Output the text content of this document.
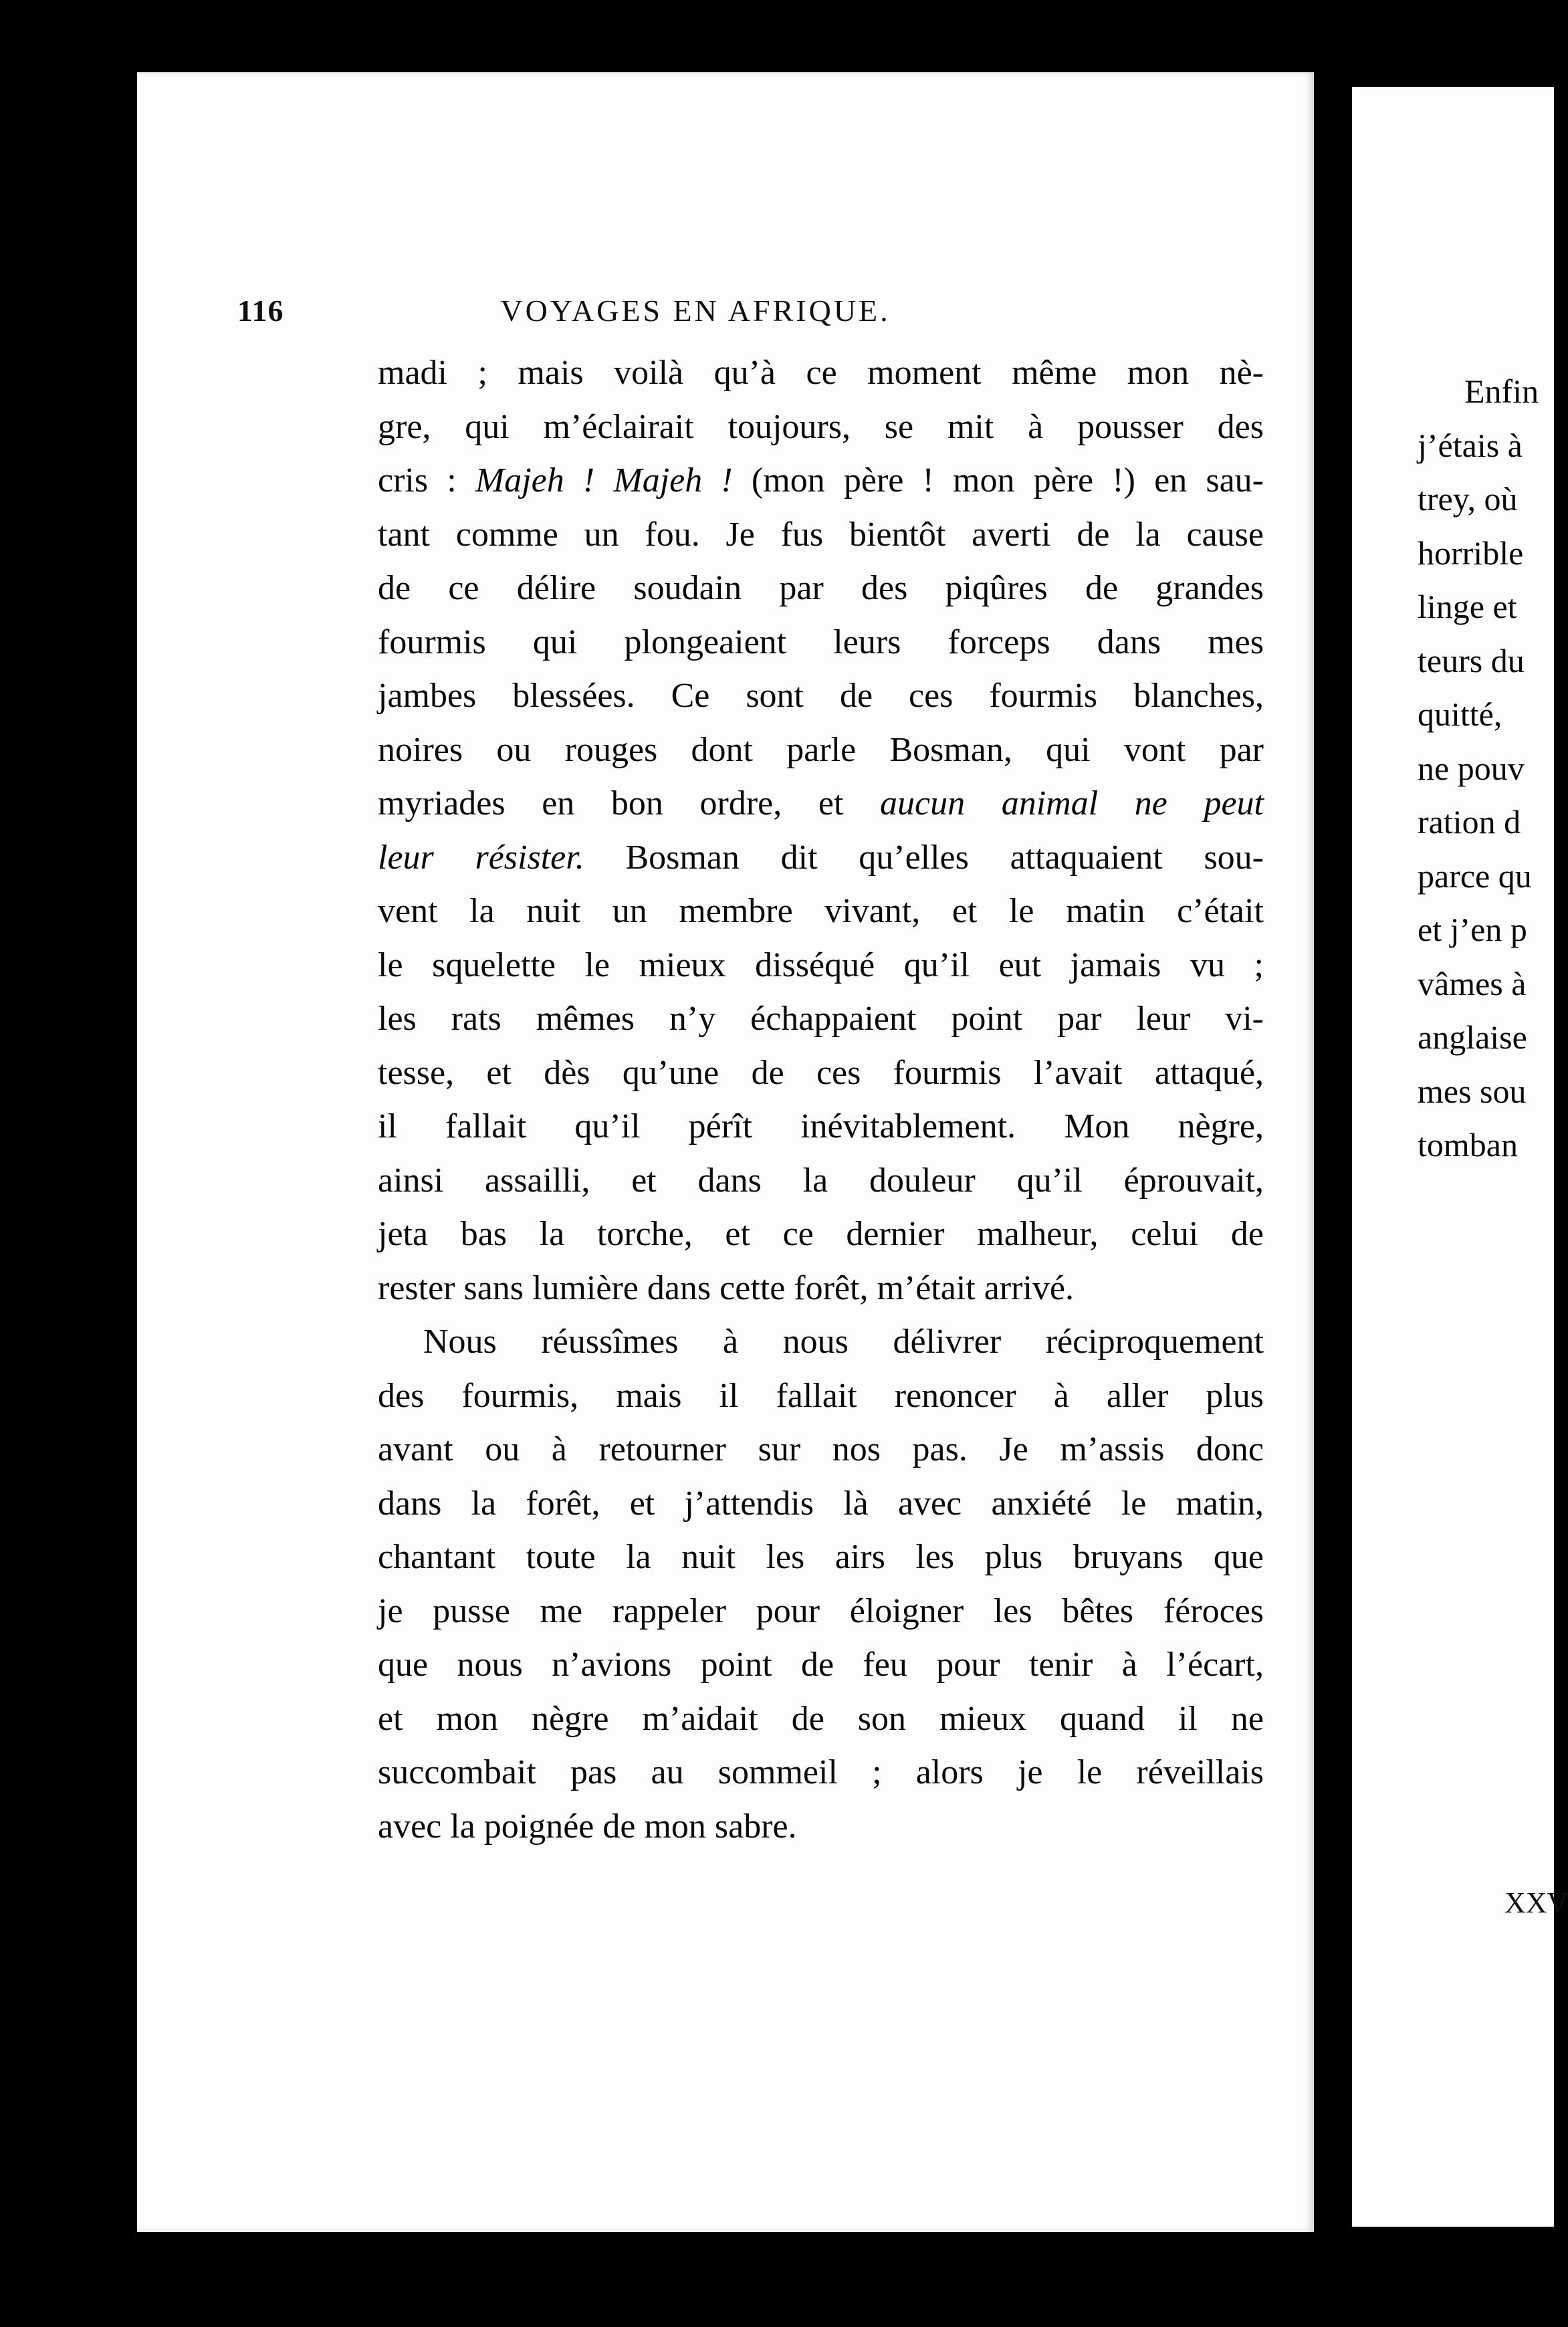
116	VOYAGES EN AFRIQUE.
madi ; mais voilà qu’à ce moment même mon nè-
gre, qui m’éclairait toujours, se mit à pousser des
cris : Majeh ! Majeh ! (mon père ! mon père !) en sau-
tant comme un fou. Je fus bientôt averti de la cause
de ce délire soudain par des piqûres de grandes
fourmis qui plongeaient leurs forceps dans mes
jambes blessées. Ce sont de ces fourmis blanches,
noires ou rouges dont parle Bosman, qui vont par
myriades en bon ordre, et aucun animal ne peut
leur résister. Bosman dit qu’elles attaquaient sou-
vent la nuit un membre vivant, et le matin c’était
le squelette le mieux disséqué qu’il eut jamais vu ;
les rats mêmes n’y échappaient point par leur vi-
tesse, et dès qu’une de ces fourmis l’avait attaqué,
il fallait qu’il pérît inévitablement. Mon nègre,
ainsi assailli, et dans la douleur qu’il éprouvait,
jeta bas la torche, et ce dernier malheur, celui de
rester sans lumière dans cette forêt, m’était arrivé.
Nous réussîmes à nous délivrer réciproquement
des fourmis, mais il fallait renoncer à aller plus
avant ou à retourner sur nos pas. Je m’assis donc
dans la forêt, et j’attendis là avec anxiété le matin,
chantant toute la nuit les airs les plus bruyans que
je pusse me rappeler pour éloigner les bêtes féroces
que nous n’avions point de feu pour tenir à l’écart,
et mon nègre m’aidait de son mieux quand il ne
succombait pas au sommeil ; alors je le réveillais
avec la poignée de mon sabre.
Enfin
j’étais à
trey, où
horrible
linge et
teurs du
quitté,
ne pouv
ration d
parce qu
et j’en p
vâmes à
anglaise
mes sou
tomban
XXV
